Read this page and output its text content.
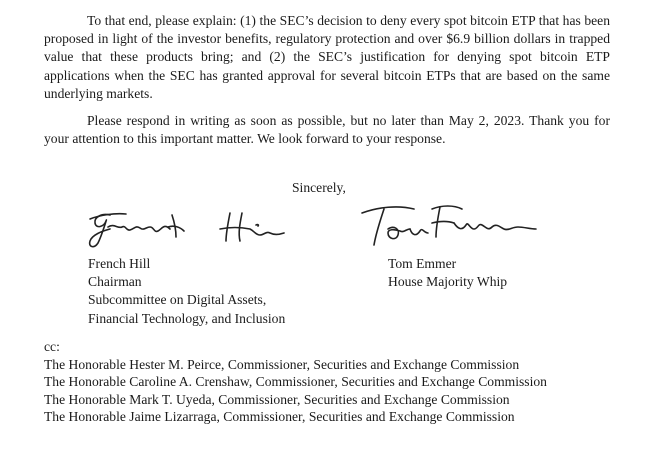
To that end, please explain: (1) the SEC’s decision to deny every spot bitcoin ETP that has been proposed in light of the investor benefits, regulatory protection and over $6.9 billion dollars in trapped value that these products bring; and (2) the SEC’s justification for denying spot bitcoin ETP applications when the SEC has granted approval for several bitcoin ETPs that are based on the same underlying markets.

Please respond in writing as soon as possible, but no later than May 2, 2023. Thank you for your attention to this important matter. We look forward to your response.

Sincerely,
French Hill
Chairman
Subcommittee on Digital Assets,
Financial Technology, and Inclusion
Tom Emmer
House Majority Whip
cc:
The Honorable Hester M. Peirce, Commissioner, Securities and Exchange Commission
The Honorable Caroline A. Crenshaw, Commissioner, Securities and Exchange Commission
The Honorable Mark T. Uyeda, Commissioner, Securities and Exchange Commission
The Honorable Jaime Lizarraga, Commissioner, Securities and Exchange Commission
